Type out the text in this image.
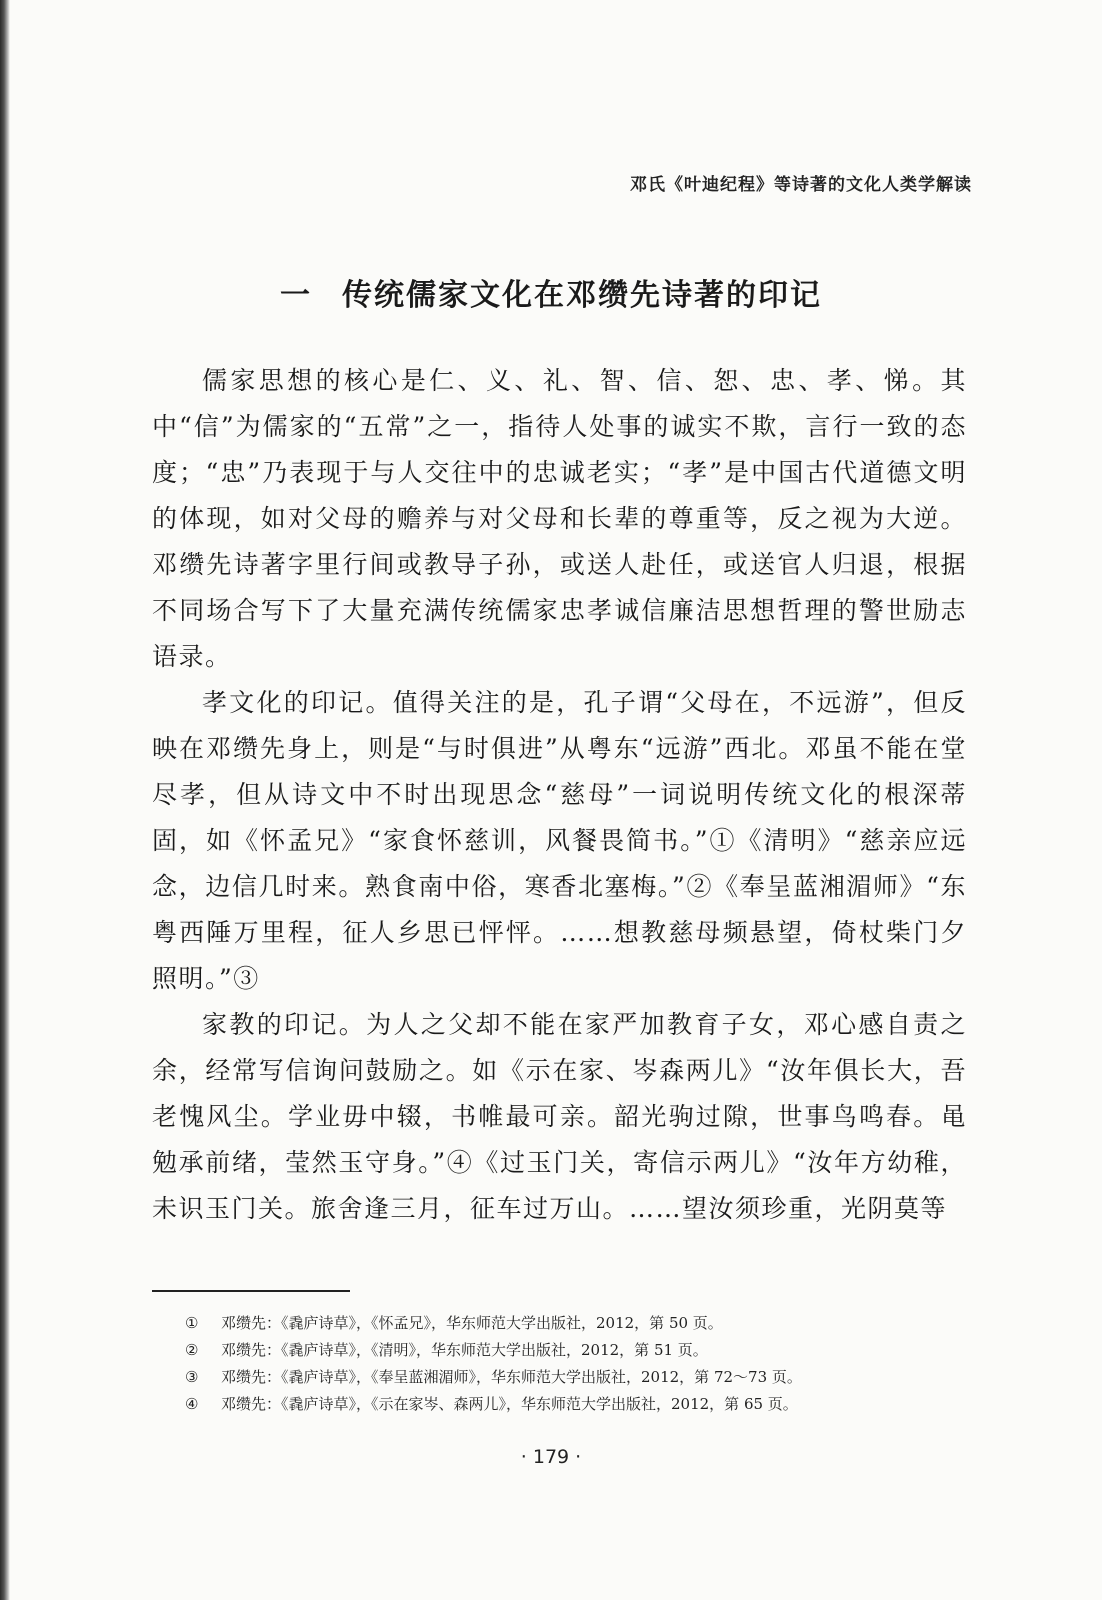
邓氏《叶迪纪程》等诗著的文化人类学解读
一 传统儒家文化在邓缵先诗著的印记

儒家思想的核心是仁、义、礼、智、信、恕、忠、孝、悌。其中“信”为儒家的“五常”之一，指待人处事的诚实不欺，言行一致的态度；“忠”乃表现于与人交往中的忠诚老实；“孝”是中国古代道德文明的体现，如对父母的赡养与对父母和长辈的尊重等，反之视为大逆。邓缵先诗著字里行间或教导子孙，或送人赴任，或送官人归退，根据不同场合写下了大量充满传统儒家忠孝诚信廉洁思想哲理的警世励志语录。

孝文化的印记。值得关注的是，孔子谓“父母在，不远游”，但反映在邓缵先身上，则是“与时俱进”从粤东“远游”西北。邓虽不能在堂尽孝，但从诗文中不时出现思念“慈母”一词说明传统文化的根深蒂固，如《怀孟兄》“家食怀慈训，风餐畏简书。”①《清明》“慈亲应远念，边信几时来。熟食南中俗，寒香北塞梅。”②《奉呈蓝湘湄师》“东粤西陲万里程，征人乡思已怦怦。……想教慈母频悬望，倚杖柴门夕照明。”③

家教的印记。为人之父却不能在家严加教育子女，邓心感自责之余，经常写信询问鼓励之。如《示在家、岑森两儿》“汝年俱长大，吾老愧风尘。学业毋中辍，书帷最可亲。韶光驹过隙，世事鸟鸣春。黾勉承前绪，莹然玉守身。”④《过玉门关，寄信示两儿》“汝年方幼稚，未识玉门关。旅舍逢三月，征车过万山。……望汝须珍重，光阴莫等

① 邓缵先：《毳庐诗草》，《怀孟兄》，华东师范大学出版社，2012，第 50 页。

② 邓缵先：《毳庐诗草》，《清明》，华东师范大学出版社，2012，第 51 页。

③ 邓缵先：《毳庐诗草》，《奉呈蓝湘湄师》，华东师范大学出版社，2012，第 72～73 页。

④ 邓缵先：《毳庐诗草》，《示在家岑、森两儿》，华东师范大学出版社，2012，第 65 页。

· 179 ·
